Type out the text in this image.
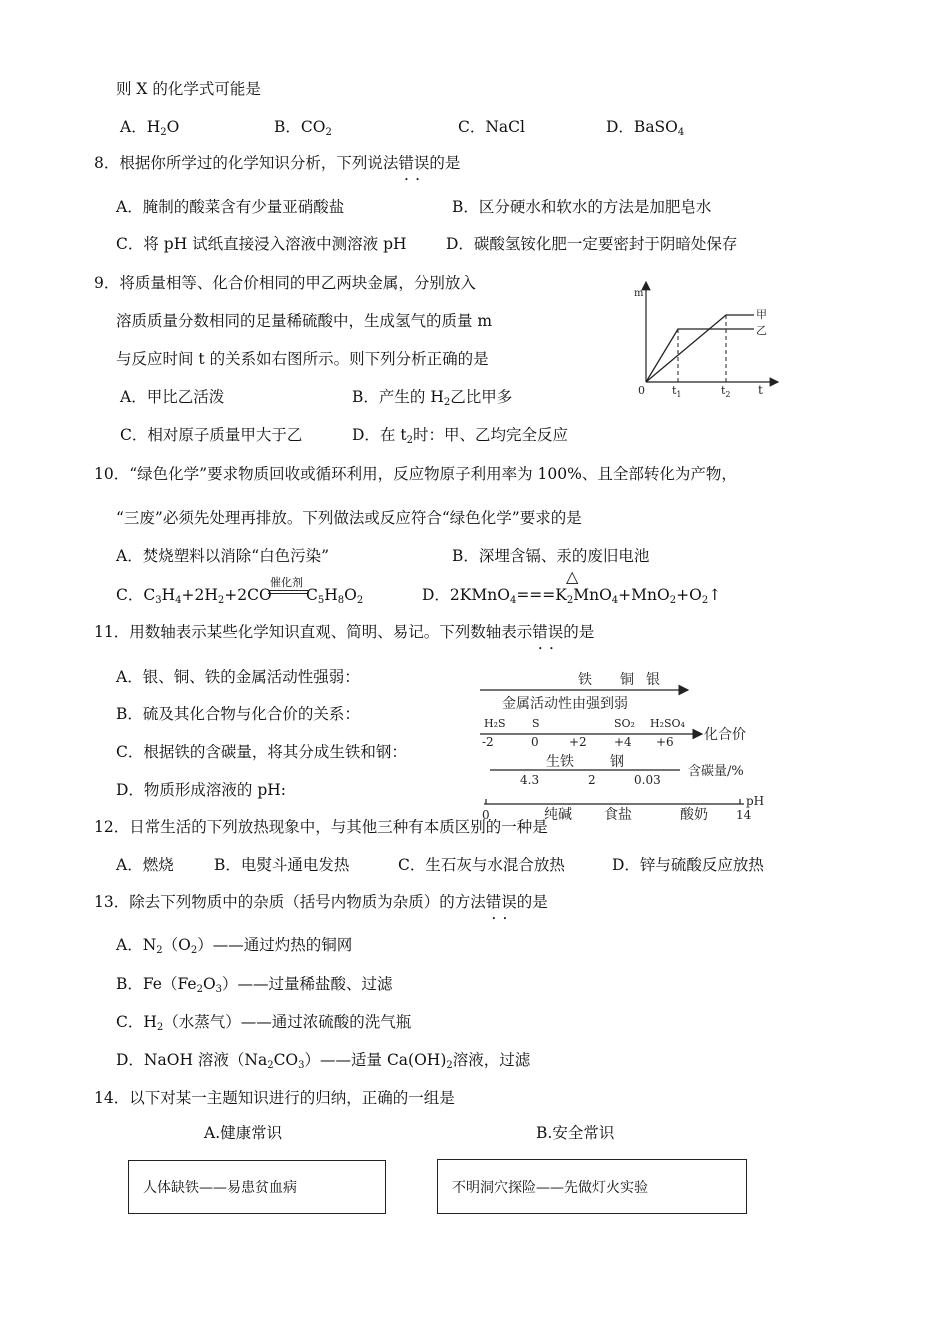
则 X 的化学式可能是
A．$H_2O$	B．$CO_2$	C．NaCl	D．BaSO$_4$
8．根据你所学过的化学知识分析，下列说法错误 • •的是
A．腌制的酸菜含有少量亚硝酸盐	B．区分硬水和软水的方法是加肥皂水
C．将 pH 试纸直接浸入溶液中测溶液 pH	D．碳酸氢铵化肥一定要密封于阴暗处保存
9．将质量相等、化合价相同的甲乙两块金属，分别放入
溶质质量分数相同的足量稀硫酸中，生成氢气的质量 m
与反应时间 t 的关系如右图所示。则下列分析正确的是
A．甲比乙活泼	B．产生的 $H_2$乙比甲多
C．相对原子质量甲大于乙	D．在 $t_2$时：甲、乙均完全反应
m
t
0
甲
乙
$t_1$	$t_2$
10．“绿色化学”要求物质回收或循环利用，反应物原子利用率为 100%、且全部转化为产物，
“三废”必须先处理再排放。下列做法或反应符合“绿色化学”要求的是
A．焚烧塑料以消除“白色污染”	B．深埋含镉、汞的废旧电池
C．$C_3H_4+2H_2+2CO$
催化剂
$C_5H_8O_2$
△
D．$2KMnO_4===K_2MnO_4+MnO_2+O_2↑$
11．用数轴表示某些化学知识直观、简明、易记。下列数轴表示错误 • •的是
A．银、铜、铁的金属活动性强弱：
B．硫及其化合物与化合价的关系：
C．根据铁的含碳量，将其分成生铁和钢：
D．物质形成溶液的 pH:
铁 铜 银
金属活动性由强到弱
H₂S S	SO₂ H₂SO₄
-2	0	+2 +4 +6 化合价
生铁	钢
4.3	2	0.03
含碳量/%
pH
0	14
纯碱 食盐	酸奶
12．日常生活的下列放热现象中，与其他三种有本质区别的一种是
A．燃烧	B．电熨斗通电发热	C．生石灰与水混合放热	D．锌与硫酸反应放热
13．除去下列物质中的杂质（括号内物质为杂质）的方法错误 • •的是
A．$N_2(O_2)——$通过灼热的铜网
B．$Fe(Fe_2O_3)——$过量稀盐酸、过滤
C．$H_2$（水蒸气）——通过浓硫酸的洗气瓶
D．NaOH 溶液$(Na_2CO_3)——$适量 $Ca(OH)_2$溶液，过滤
14．以下对某一主题知识进行的归纳，正确的一组是
A.健康常识	B.安全常识
人体缺铁——易患贫血病	不明洞穴探险——先做灯火实验
